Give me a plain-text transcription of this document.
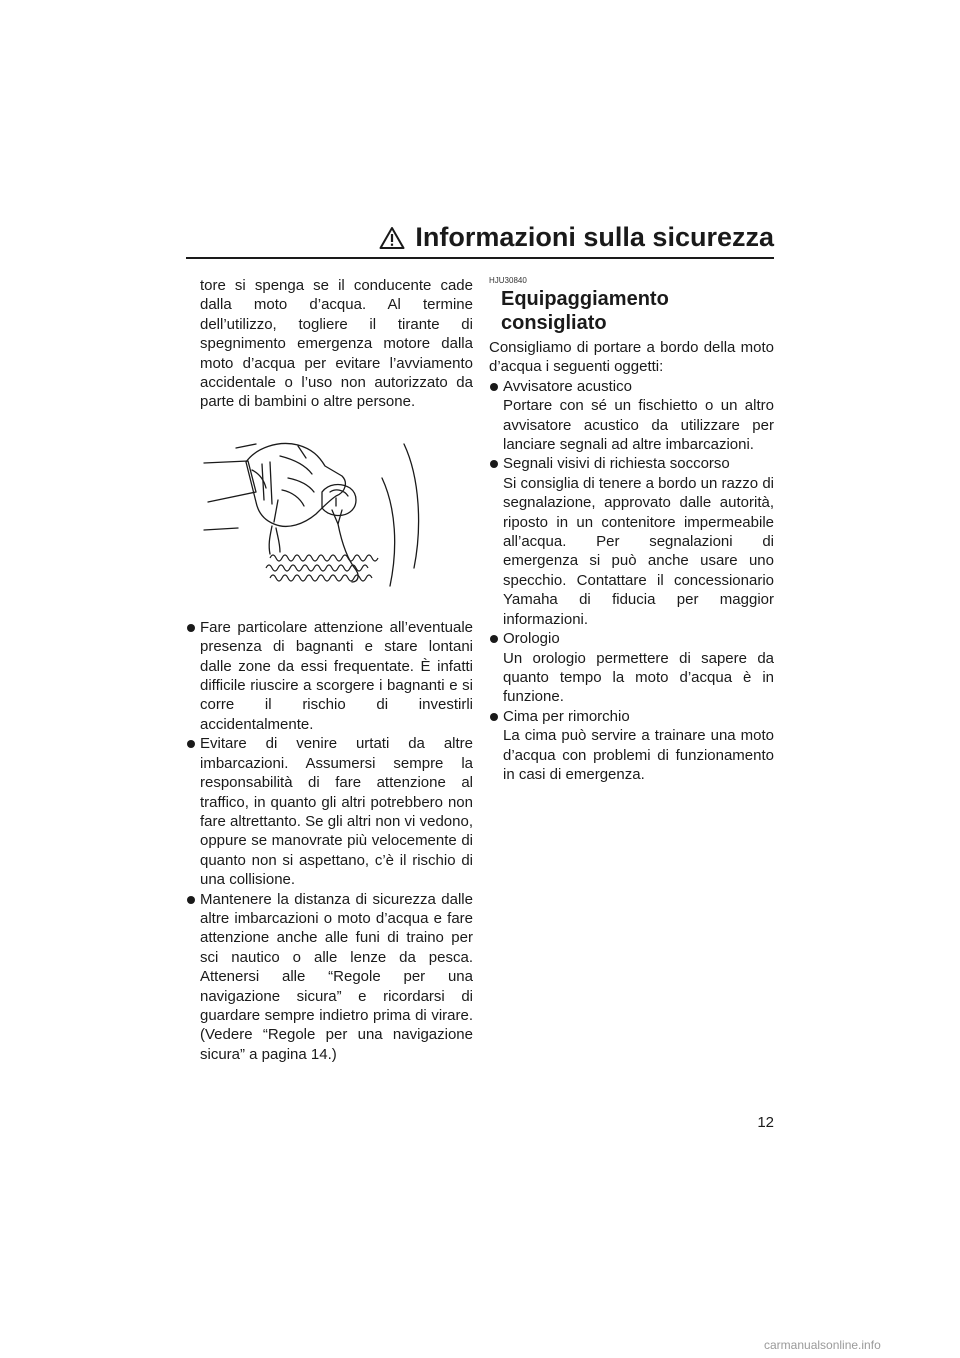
Informazioni sulla sicurezza

tore si spenga se il conducente cade dalla moto d’acqua. Al termine dell’utilizzo, togliere il tirante di spegnimento emergenza motore dalla moto d’acqua per evitare l’avviamento accidentale o l’uso non autorizzato da parte di bambini o altre persone.

Fare particolare attenzione all’eventuale presenza di bagnanti e stare lontani dalle zone da essi frequentate. È infatti difficile riuscire a scorgere i bagnanti e si corre il rischio di investirli accidentalmente.
Evitare di venire urtati da altre imbarcazioni. Assumersi sempre la responsabilità di fare attenzione al traffico, in quanto gli altri potrebbero non fare altrettanto. Se gli altri non vi vedono, oppure se manovrate più velocemente di quanto non si aspettano, c’è il rischio di una collisione.
Mantenere la distanza di sicurezza dalle altre imbarcazioni o moto d’acqua e fare attenzione anche alle funi di traino per sci nautico o alle lenze da pesca. Attenersi alle “Regole per una navigazione sicura” e ricordarsi di guardare sempre indietro prima di virare. (Vedere “Regole per una navigazione sicura” a pagina 14.)

HJU30840

Equipaggiamento consigliato

Consigliamo di portare a bordo della moto d’acqua i seguenti oggetti:

Avvisatore acustico
Portare con sé un fischietto o un altro avvisatore acustico da utilizzare per lanciare segnali ad altre imbarcazioni.
Segnali visivi di richiesta soccorso
Si consiglia di tenere a bordo un razzo di segnalazione, approvato dalle autorità, riposto in un contenitore impermeabile all’acqua. Per segnalazioni di emergenza si può anche usare uno specchio. Contattare il concessionario Yamaha di fiducia per maggior informazioni.
Orologio
Un orologio permettere di sapere da quanto tempo la moto d’acqua è in funzione.
Cima per rimorchio
La cima può servire a trainare una moto d’acqua con problemi di funzionamento in casi di emergenza.
12
carmanualsonline.info
